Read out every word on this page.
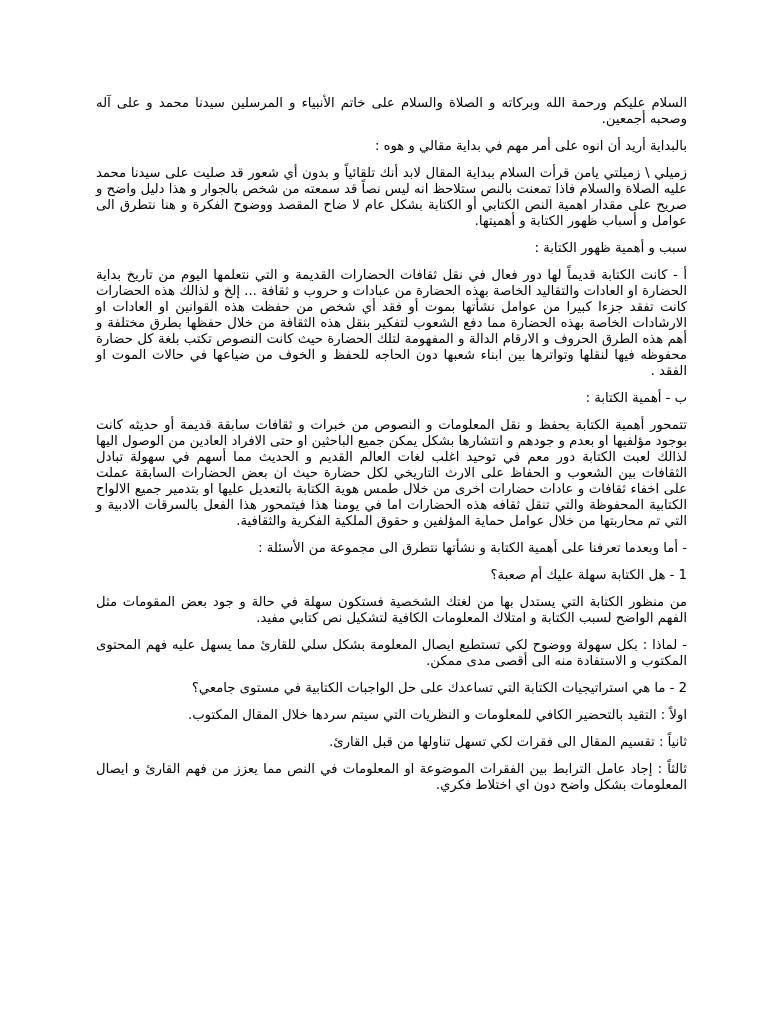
السلام عليكم ورحمة الله وبركاته و الصلاة والسلام على خاتم الأنبياء و المرسلين سيدنا محمد و على آله وصحبه أجمعين.

بالبداية أريد أن انوه على أمر مهم في بداية مقالي و هوه :

زميلي \ زميلتي يامن قرأت السلام ببداية المقال لابد أنك تلقائياً و بدون أي شعور قد صليت على سيدنا محمد عليه الصلاة والسلام فاذا تمعنت بالنص ستلاحظ انه ليس نصاً قد سمعته من شخص بالجوار و هذا دليل واضح و صريح على مقدار اهمية النص الكتابي أو الكتابة بشكل عام لا ضاح المقصد ووضوح الفكرة و هنا نتطرق الى عوامل و أسباب ظهور الكتابة و أهميتها.

سبب و أهمية ظهور الكتابة :

أ - كانت الكتابة قديماً لها دور فعال في نقل ثقافات الحضارات القديمة و التي نتعلمها اليوم من تاريخ بداية الحضارة او العادات والتقاليد الخاصة بهذه الحضارة من عبادات و حروب و ثقافة ... إلخ و لذالك هذه الحضارات كانت تفقد جزءا كبيرا من عوامل نشأتها بموت أو فقد أي شخص من حفظت هذه القوانين او العادات او الارشادات الخاصة بهذه الحضارة مما دفع الشعوب لتفكير بنقل هذه الثقافة من خلال حفظها بطرق مختلفة و أهم هذه الطرق الحروف و الارقام الدالة و المفهومة لتلك الحضارة حيث كانت النصوص تكتب بلغة كل حضارة محفوظه فيها لنقلها وتواترها بين ابناء شعبها دون الحاجه للحفظ و الخوف من ضياعها في حالات الموت او الفقد .

ب - أهمية الكتابة :

تتمحور أهمية الكتابة بحفظ و نقل المعلومات و النصوص من خبرات و ثقافات سابقة قديمة أو حديثه كانت بوجود مؤلفيها او بعدم و جودهم و انتشارها بشكل يمكن جميع الباحثين او حتى الافراد العادين من الوصول اليها لذالك لعبت الكتابة دور معم في توحيد اغلب لغات العالم القديم و الحديث مما أسهم في سهولة تبادل الثقافات بين الشعوب و الحفاظ على الارث التاريخي لكل حضارة حيث ان بعض الحضارات السابقة عملت على اخفاء ثقافات و عادات حضارات اخرى من خلال طمس هوية الكتابة بالتعديل عليها او بتدمير جميع الالواح الكتابية المحفوظة والتي تنقل ثقافه هذه الحضارات اما في يومنا هذا فيتمحور هذا الفعل بالسرقات الادبية و التي تم محاربتها من خلال عوامل حماية المؤلفين و حقوق الملكية الفكرية والثقافية.

- أما وبعدما تعرفنا على أهمية الكتابة و نشأتها نتطرق الى مجموعة من الأسئلة :

1 - هل الكتابة سهلة عليك أم صعبة؟

من منظور الكتابة التي يستدل بها من لغتك الشخصية فستكون سهلة في حالة و جود بعض المقومات مثل الفهم الواضح لسبب الكتابة و امتلاك المعلومات الكافية لتشكيل نص كتابي مفيد.

- لماذا : بكل سهولة ووضوح لكي تستطيع ايصال المعلومة بشكل سلي للقارئ مما يسهل عليه فهم المحتوى المكتوب و الاستفادة منه الى أقصى مدى ممكن.

2 - ما هي استراتيجيات الكتابة التي تساعدك على حل الواجبات الكتابية في مستوى جامعي؟

اولاً : التقيد بالتحضير الكافي للمعلومات و النظريات التي سيتم سردها خلال المقال المكتوب.

ثانياً : تقسيم المقال الى فقرات لكي تسهل تناولها من قبل القارئ.

ثالثاً : إجاد عامل الترابط بين الفقرات الموضوعة او المعلومات في النص مما يعزز من فهم القارئ و ايصال المعلومات بشكل واضح دون اي اختلاط فكري.
